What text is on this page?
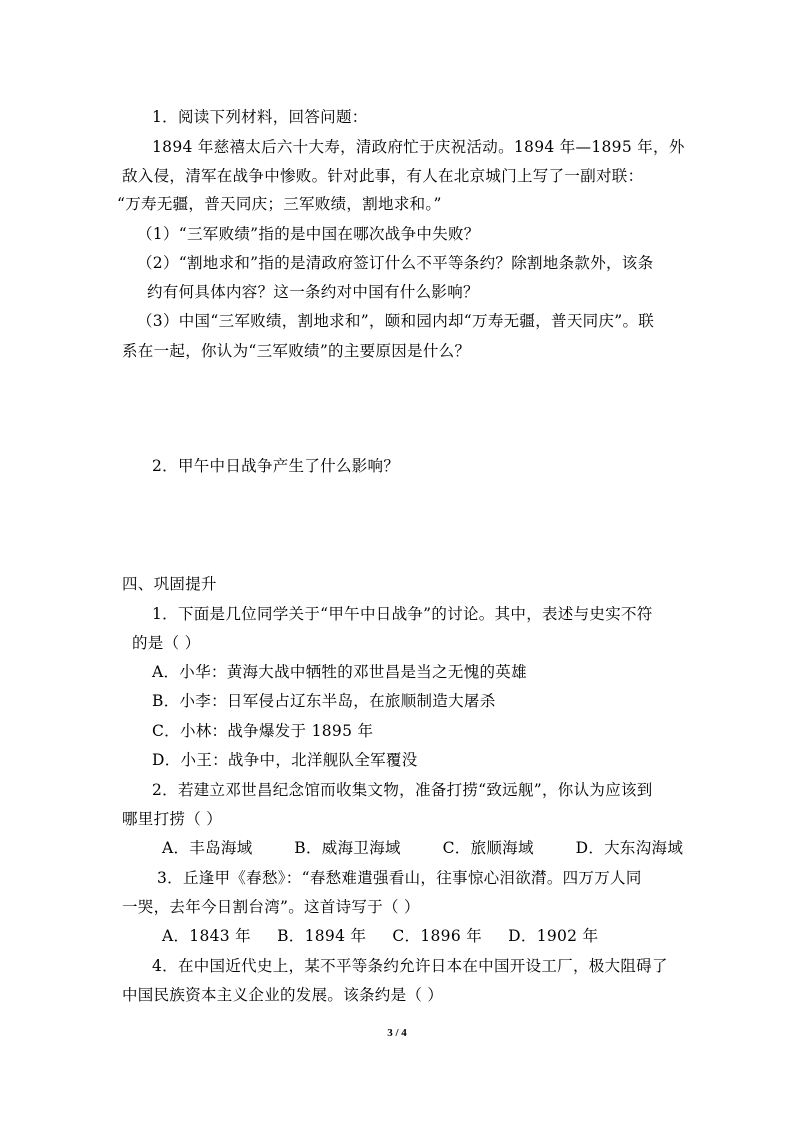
1．阅读下列材料，回答问题：
1894 年慈禧太后六十大寿，清政府忙于庆祝活动。1894 年—1895 年，外
敌入侵，清军在战争中惨败。针对此事，有人在北京城门上写了一副对联：
“万寿无疆，普天同庆；三军败绩，割地求和。”
（1）“三军败绩”指的是中国在哪次战争中失败？
（2）“割地求和”指的是清政府签订什么不平等条约？除割地条款外，该条
约有何具体内容？这一条约对中国有什么影响？
（3）中国“三军败绩，割地求和”，颐和园内却“万寿无疆，普天同庆”。联
系在一起，你认为“三军败绩”的主要原因是什么？
2．甲午中日战争产生了什么影响？
四、巩固提升
1．下面是几位同学关于“甲午中日战争”的讨论。其中，表述与史实不符
的是（ ）
A．小华：黄海大战中牺牲的邓世昌是当之无愧的英雄
B．小李：日军侵占辽东半岛，在旅顺制造大屠杀
C．小林：战争爆发于 1895 年
D．小王：战争中，北洋舰队全军覆没
2．若建立邓世昌纪念馆而收集文物，准备打捞“致远舰”，你认为应该到
哪里打捞（ ）
A．丰岛海域        B．威海卫海域        C．旅顺海域        D．大东沟海域
3．丘逢甲《春愁》：“春愁难遣强看山，往事惊心泪欲潸。四万万人同
一哭，去年今日割台湾”。这首诗写于（ ）
A．1843 年     B．1894 年     C．1896 年     D．1902 年
4．在中国近代史上，某不平等条约允许日本在中国开设工厂，极大阻碍了
中国民族资本主义企业的发展。该条约是（ ）
3 / 4
